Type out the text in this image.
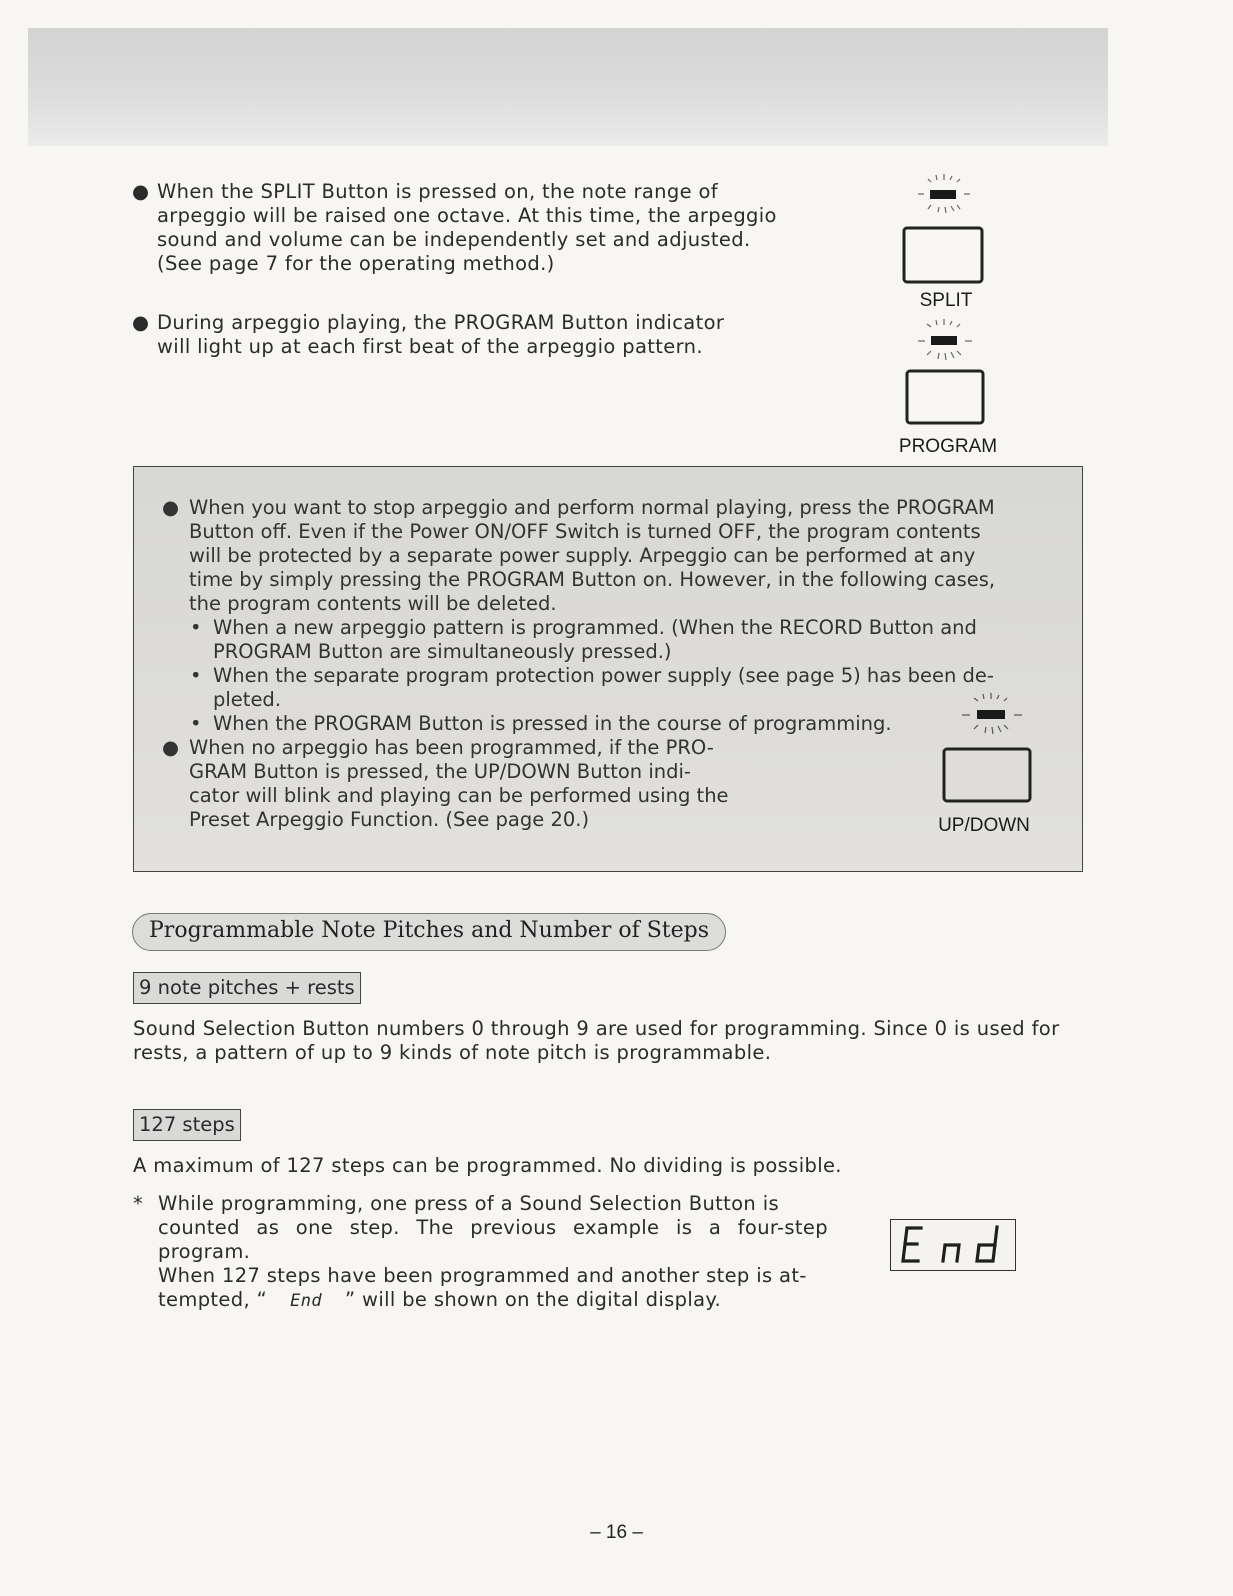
● When the SPLIT Button is pressed on, the note range of
arpeggio will be raised one octave. At this time, the arpeggio
sound and volume can be independently set and adjusted.
(See page 7 for the operating method.)
● During arpeggio playing, the PROGRAM Button indicator
will light up at each first beat of the arpeggio pattern.
SPLIT
PROGRAM
● When you want to stop arpeggio and perform normal playing, press the PROGRAM
Button off. Even if the Power ON/OFF Switch is turned OFF, the program contents
will be protected by a separate power supply. Arpeggio can be performed at any
time by simply pressing the PROGRAM Button on. However, in the following cases,
the program contents will be deleted.
• When a new arpeggio pattern is programmed. (When the RECORD Button and
PROGRAM Button are simultaneously pressed.)
• When the separate program protection power supply (see page 5) has been de-
pleted.
• When the PROGRAM Button is pressed in the course of programming.
● When no arpeggio has been programmed, if the PRO-
GRAM Button is pressed, the UP/DOWN Button indi-
cator will blink and playing can be performed using the
Preset Arpeggio Function. (See page 20.)	UP/DOWN
Programmable Note Pitches and Number of Steps
9 note pitches + rests
Sound Selection Button numbers 0 through 9 are used for programming. Since 0 is used for
rests, a pattern of up to 9 kinds of note pitch is programmable.
127 steps
A maximum of 127 steps can be programmed. No dividing is possible.
* While programming, one press of a Sound Selection Button is
counted as one step. The previous example is a four-step program.
When 127 steps have been programmed and another step is at-
tempted, “ End ” will be shown on the digital display.
– 16 –
